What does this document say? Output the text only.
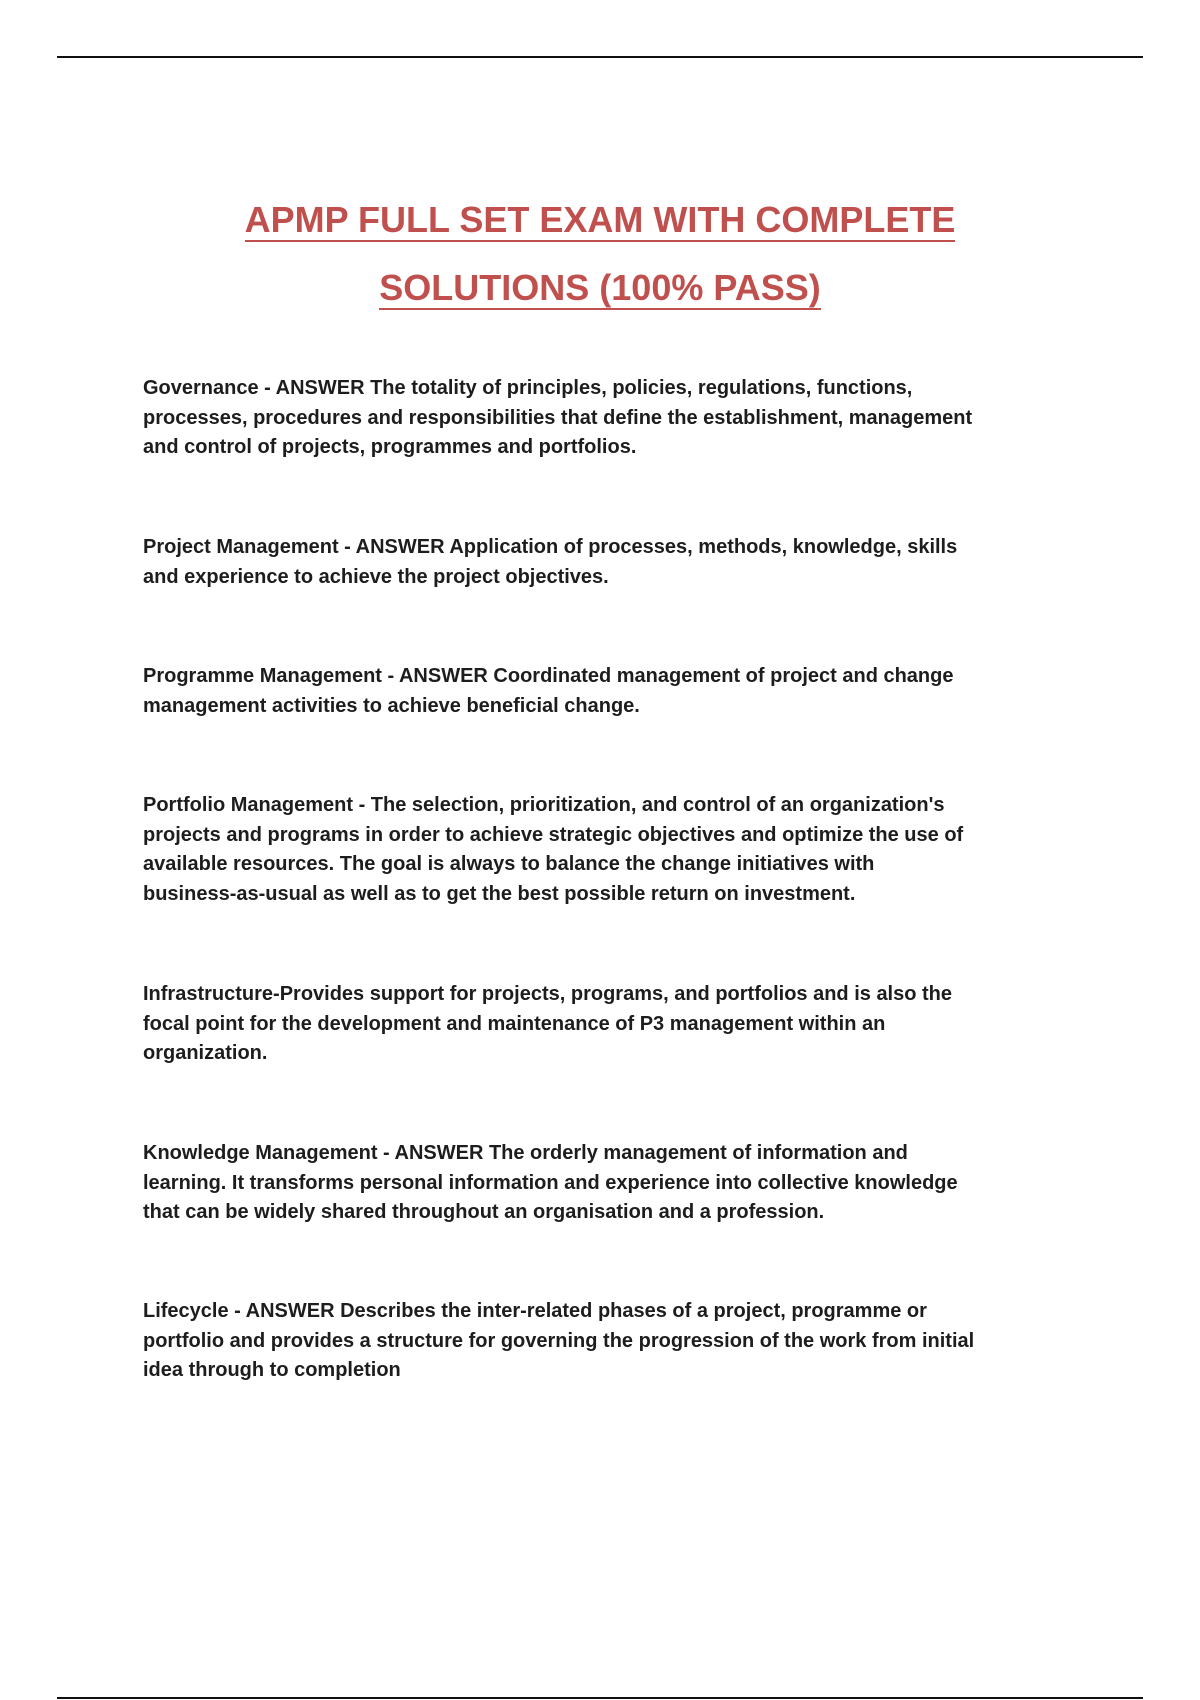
APMP FULL SET EXAM WITH COMPLETE
SOLUTIONS (100% PASS)
Governance - ANSWER The totality of principles, policies, regulations, functions,
processes, procedures and responsibilities that define the establishment, management
and control of projects, programmes and portfolios.
Project Management - ANSWER Application of processes, methods, knowledge, skills
and experience to achieve the project objectives.
Programme Management - ANSWER Coordinated management of project and change
management activities to achieve beneficial change.
Portfolio Management - The selection, prioritization, and control of an organization's
projects and programs in order to achieve strategic objectives and optimize the use of
available resources. The goal is always to balance the change initiatives with
business-as-usual as well as to get the best possible return on investment.
Infrastructure-Provides support for projects, programs, and portfolios and is also the
focal point for the development and maintenance of P3 management within an
organization.
Knowledge Management - ANSWER The orderly management of information and
learning. It transforms personal information and experience into collective knowledge
that can be widely shared throughout an organisation and a profession.
Lifecycle - ANSWER Describes the inter-related phases of a project, programme or
portfolio and provides a structure for governing the progression of the work from initial
idea through to completion
